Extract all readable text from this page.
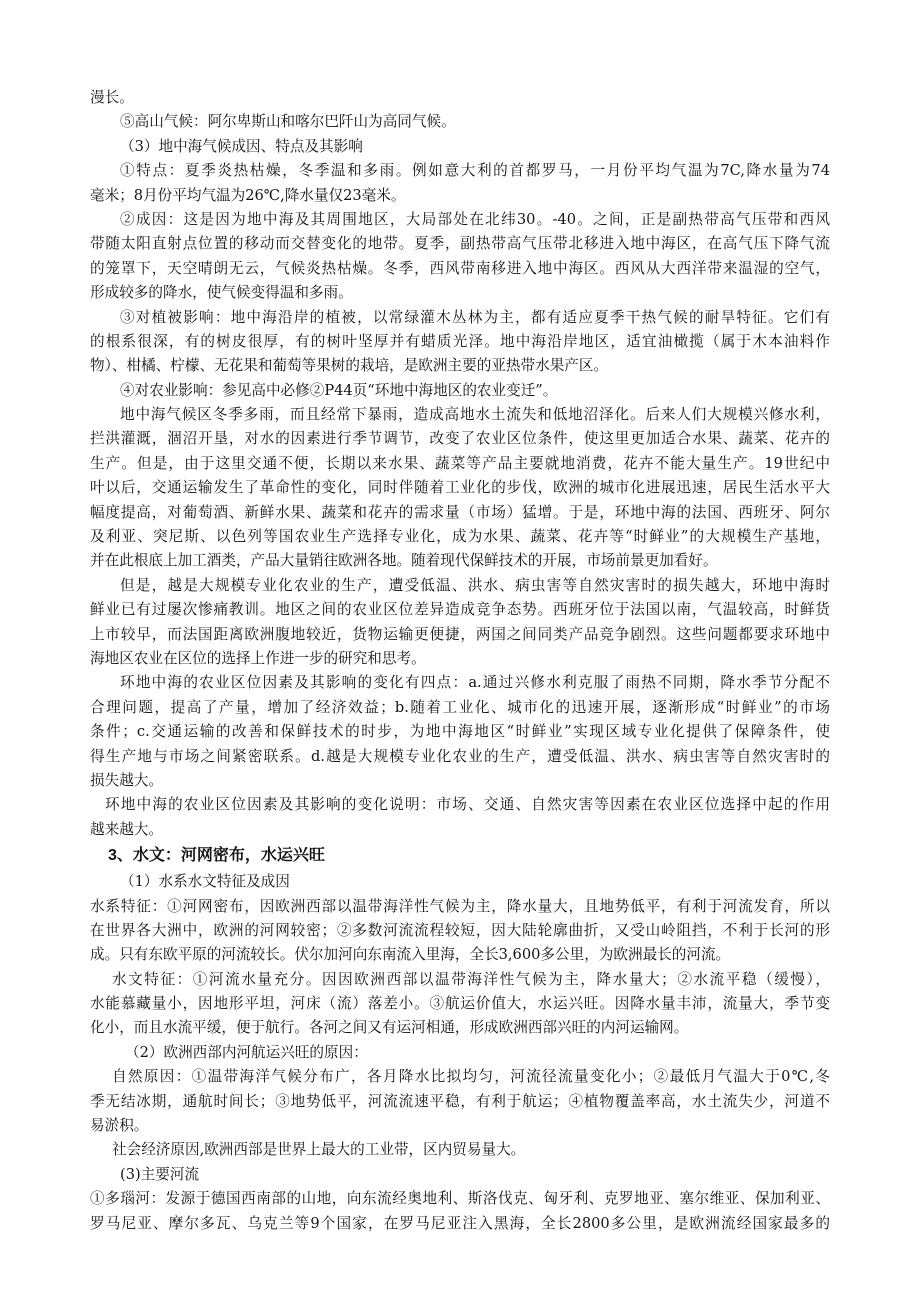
漫长。
⑤高山气候：阿尔卑斯山和喀尔巴阡山为高同气候。
（3）地中海气候成因、特点及其影响
①特点：夏季炎热枯燥，冬季温和多雨。例如意大利的首都罗马，一月份平均气温为7C,降水量为74
毫米；8月份平均气温为26℃,降水量仅23毫米。
②成因：这是因为地中海及其周围地区，大局部处在北纬30。-40。之间，正是副热带高气压带和西风
带随太阳直射点位置的移动而交替变化的地带。夏季，副热带高气压带北移进入地中海区，在高气压下降气流
的笼罩下，天空晴朗无云，气候炎热枯燥。冬季，西风带南移进入地中海区。西风从大西洋带来温湿的空气，
形成较多的降水，使气候变得温和多雨。
③对植被影响：地中海沿岸的植被，以常绿灌木丛林为主，都有适应夏季干热气候的耐旱特征。它们有
的根系很深，有的树皮很厚，有的树叶坚厚并有蜡质光泽。地中海沿岸地区，适宜油橄揽（属于木本油料作
物）、柑橘、柠檬、无花果和葡萄等果树的栽培，是欧洲主要的亚热带水果产区。
④对农业影响：参见高中必修②P44页“环地中海地区的农业变迁”。
地中海气候区冬季多雨，而且经常下暴雨，造成高地水土流失和低地沼泽化。后来人们大规模兴修水利，
拦洪灌溉，涸沼开垦，对水的因素进行季节调节，改变了农业区位条件，使这里更加适合水果、蔬菜、花卉的
生产。但是，由于这里交通不便，长期以来水果、蔬菜等产品主要就地消费，花卉不能大量生产。19世纪中
叶以后，交通运输发生了革命性的变化，同时伴随着工业化的步伐，欧洲的城市化进展迅速，居民生活水平大
幅度提高，对葡萄酒、新鲜水果、蔬菜和花卉的需求量（市场）猛增。于是，环地中海的法国、西班牙、阿尔
及利亚、突尼斯、以色列等国农业生产选择专业化，成为水果、蔬菜、花卉等“时鲜业”的大规模生产基地，
并在此根底上加工酒类，产品大量销往欧洲各地。随着现代保鲜技术的开展，市场前景更加看好。
但是，越是大规模专业化农业的生产，遭受低温、洪水、病虫害等自然灾害时的损失越大，环地中海时
鲜业已有过屡次惨痛教训。地区之间的农业区位差异造成竞争态势。西班牙位于法国以南，气温较高，时鲜货
上市较早，而法国距离欧洲腹地较近，货物运输更便捷，两国之间同类产品竞争剧烈。这些问题都要求环地中
海地区农业在区位的选择上作进一步的研究和思考。
环地中海的农业区位因素及其影响的变化有四点：a.通过兴修水利克服了雨热不同期，降水季节分配不
合理问题，提高了产量，增加了经济效益；b.随着工业化、城市化的迅速开展，逐渐形成“时鲜业”的市场
条件；c.交通运输的改善和保鲜技术的时步，为地中海地区“时鲜业”实现区域专业化提供了保障条件，使
得生产地与市场之间紧密联系。d.越是大规模专业化农业的生产，遭受低温、洪水、病虫害等自然灾害时的
损失越大。
环地中海的农业区位因素及其影响的变化说明：市场、交通、自然灾害等因素在农业区位选择中起的作用
越来越大。
3、水文：河网密布，水运兴旺
（1）水系水文特征及成因
水系特征：①河网密布，因欧洲西部以温带海洋性气候为主，降水量大，且地势低平，有利于河流发育，所以
在世界各大洲中，欧洲的河网较密；②多数河流流程较短，因大陆轮廓曲折，又受山岭阻挡，不利于长河的形
成。只有东欧平原的河流较长。伏尔加河向东南流入里海，全长3,600多公里，为欧洲最长的河流。
水文特征：①河流水量充分。因因欧洲西部以温带海洋性气候为主，降水量大；②水流平稳（缓慢），
水能慕藏量小，因地形平坦，河床（流）落差小。③航运价值大，水运兴旺。因降水量丰沛，流量大，季节变
化小，而且水流平缓，便于航行。各河之间又有运河相通，形成欧洲西部兴旺的内河运输网。
（2）欧洲西部内河航运兴旺的原因：
自然原因：①温带海洋气候分布广，各月降水比拟均匀，河流径流量变化小；②最低月气温大于0℃,冬
季无结冰期，通航时间长；③地势低平，河流流速平稳，有利于航运；④植物覆盖率高，水土流失少，河道不
易淤积。
社会经济原因,欧洲西部是世界上最大的工业带，区内贸易量大。
(3)主要河流
①多瑙河：发源于德国西南部的山地，向东流经奥地利、斯洛伐克、匈牙利、克罗地亚、塞尔维亚、保加利亚、
罗马尼亚、摩尔多瓦、乌克兰等9个国家，在罗马尼亚注入黑海，全长2800多公里，是欧洲流经国家最多的
